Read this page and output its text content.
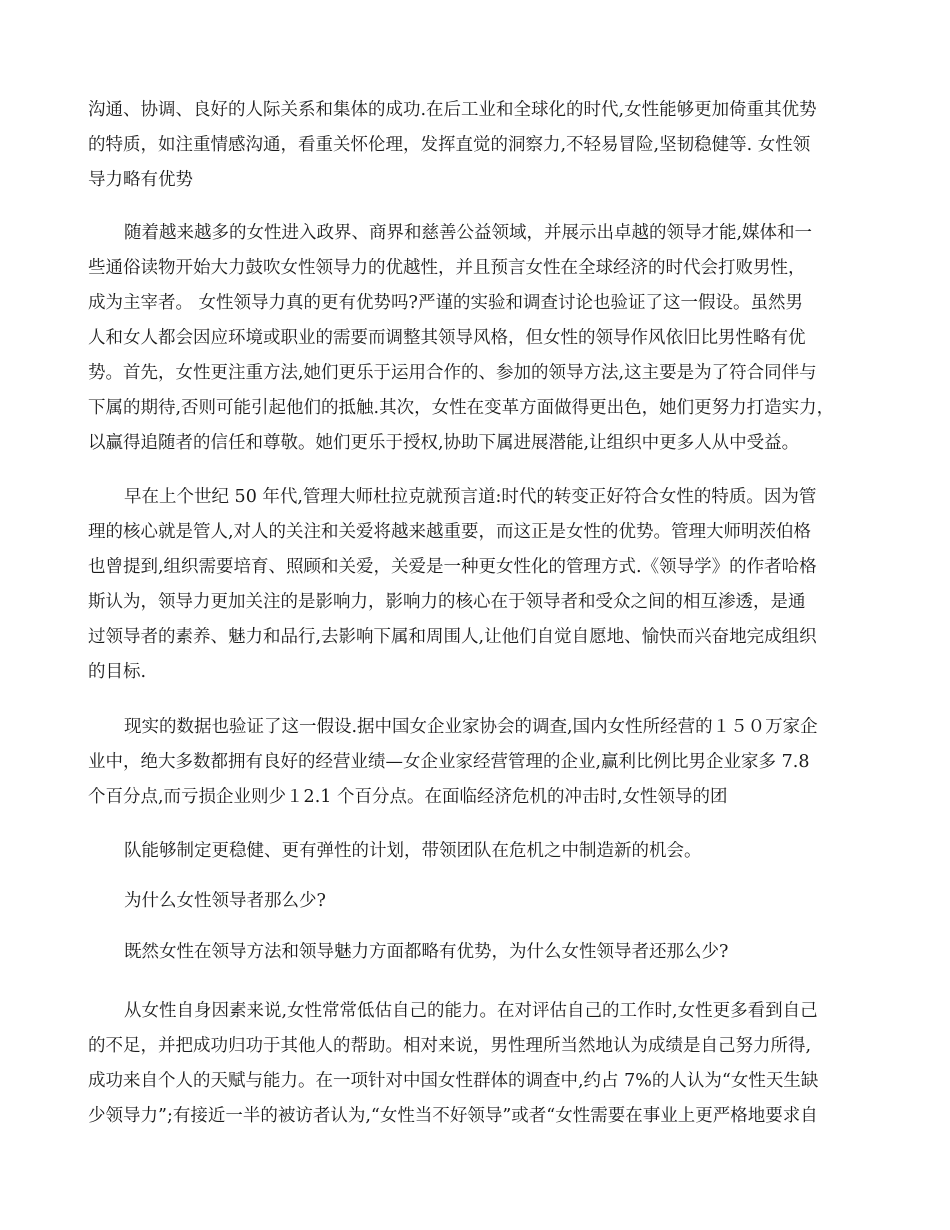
沟通、协调、良好的人际关系和集体的成功.在后工业和全球化的时代,女性能够更加倚重其优势
的特质，如注重情感沟通，看重关怀伦理，发挥直觉的洞察力,不轻易冒险,坚韧稳健等. 女性领
导力略有优势
随着越来越多的女性进入政界、商界和慈善公益领域，并展示出卓越的领导才能,媒体和一
些通俗读物开始大力鼓吹女性领导力的优越性，并且预言女性在全球经济的时代会打败男性，
成为主宰者。 女性领导力真的更有优势吗?严谨的实验和调查讨论也验证了这一假设。虽然男
人和女人都会因应环境或职业的需要而调整其领导风格，但女性的领导作风依旧比男性略有优
势。首先，女性更注重方法,她们更乐于运用合作的、参加的领导方法,这主要是为了符合同伴与
下属的期待,否则可能引起他们的抵触.其次，女性在变革方面做得更出色，她们更努力打造实力，
以赢得追随者的信任和尊敬。她们更乐于授权,协助下属进展潜能,让组织中更多人从中受益。
早在上个世纪 50 年代,管理大师杜拉克就预言道:时代的转变正好符合女性的特质。因为管
理的核心就是管人,对人的关注和关爱将越来越重要，而这正是女性的优势。管理大师明茨伯格
也曾提到,组织需要培育、照顾和关爱，关爱是一种更女性化的管理方式.《领导学》的作者哈格
斯认为，领导力更加关注的是影响力，影响力的核心在于领导者和受众之间的相互渗透，是通
过领导者的素养、魅力和品行,去影响下属和周围人,让他们自觉自愿地、愉快而兴奋地完成组织
的目标.
现实的数据也验证了这一假设.据中国女企业家协会的调查,国内女性所经营的１５０万家企
业中，绝大多数都拥有良好的经营业绩—女企业家经营管理的企业,赢利比例比男企业家多 7.8
个百分点,而亏损企业则少１2.1 个百分点。在面临经济危机的冲击时,女性领导的团
队能够制定更稳健、更有弹性的计划，带领团队在危机之中制造新的机会。
为什么女性领导者那么少?
既然女性在领导方法和领导魅力方面都略有优势，为什么女性领导者还那么少?
从女性自身因素来说,女性常常低估自己的能力。在对评估自己的工作时,女性更多看到自己
的不足，并把成功归功于其他人的帮助。相对来说，男性理所当然地认为成绩是自己努力所得,
成功来自个人的天赋与能力。在一项针对中国女性群体的调查中,约占 7%的人认为“女性天生缺
少领导力”;有接近一半的被访者认为,“女性当不好领导”或者“女性需要在事业上更严格地要求自
